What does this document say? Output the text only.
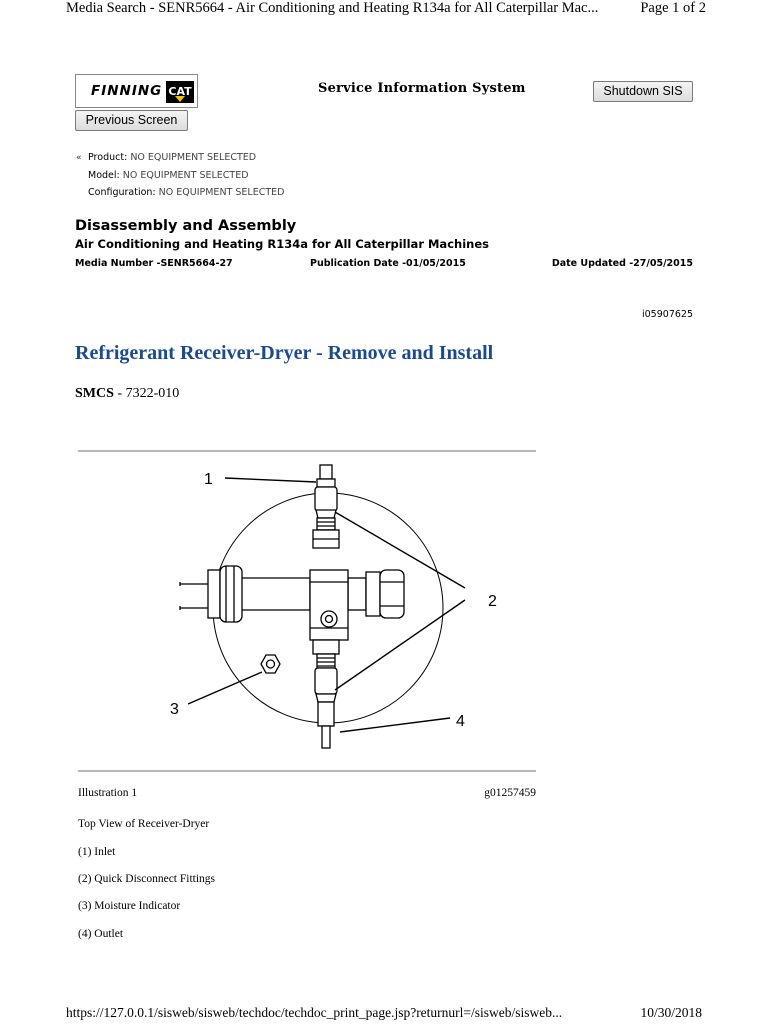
Media Search - SENR5664 - Air Conditioning and Heating R134a for All Caterpillar Mac...	Page 1 of 2
FINNING CAT	Service Information System	Shutdown SIS
Previous Screen
« Product: NO EQUIPMENT SELECTED
Model: NO EQUIPMENT SELECTED
Configuration: NO EQUIPMENT SELECTED
Disassembly and Assembly
Air Conditioning and Heating R134a for All Caterpillar Machines
Media Number -SENR5664-27	Publication Date -01/05/2015	Date Updated -27/05/2015
i05907625
Refrigerant Receiver-Dryer - Remove and Install
SMCS - 7322-010
1
2
3
4
Illustration 1	g01257459
Top View of Receiver-Dryer
(1) Inlet
(2) Quick Disconnect Fittings
(3) Moisture Indicator
(4) Outlet
https://127.0.0.1/sisweb/sisweb/techdoc/techdoc_print_page.jsp?returnurl=/sisweb/sisweb...	10/30/2018
